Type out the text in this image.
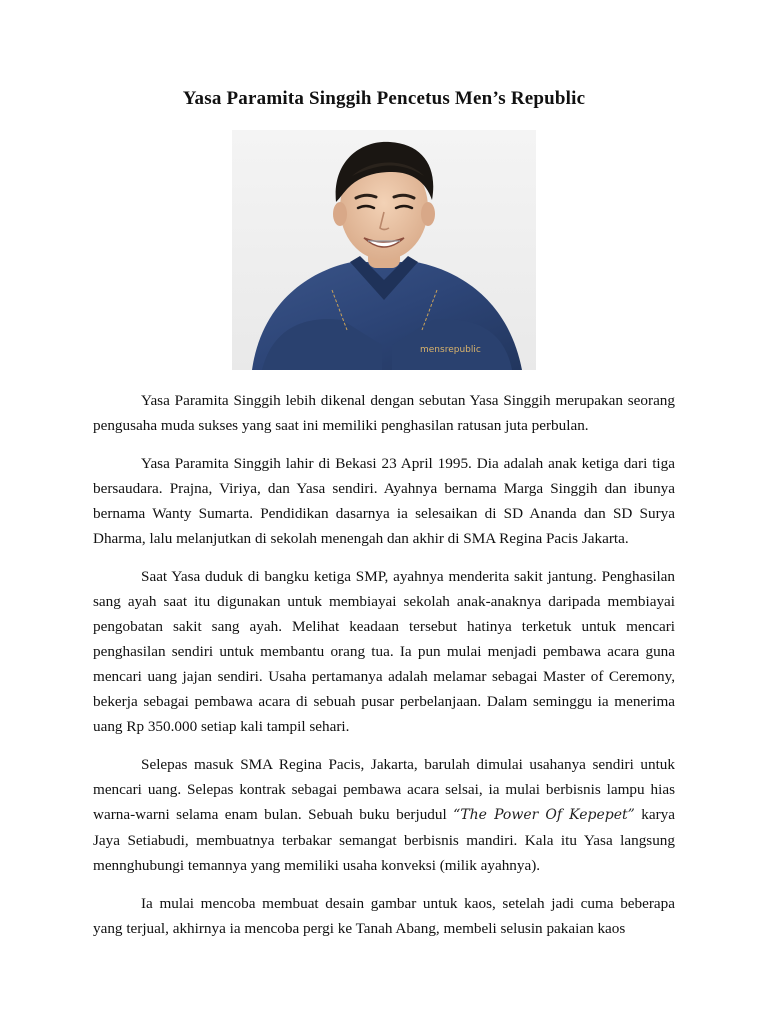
Yasa Paramita Singgih Pencetus Men’s Republic
mensrepublic

Yasa Paramita Singgih lebih dikenal dengan sebutan Yasa Singgih merupakan seorang pengusaha muda sukses yang saat ini memiliki penghasilan ratusan juta perbulan.

Yasa Paramita Singgih lahir di Bekasi 23 April 1995. Dia adalah anak ketiga dari tiga bersaudara. Prajna, Viriya, dan Yasa sendiri. Ayahnya bernama Marga Singgih dan ibunya bernama Wanty Sumarta. Pendidikan dasarnya ia selesaikan di SD Ananda dan SD Surya Dharma, lalu melanjutkan di sekolah menengah dan akhir di SMA Regina Pacis Jakarta.

Saat Yasa duduk di bangku ketiga SMP, ayahnya menderita sakit jantung. Penghasilan sang ayah saat itu digunakan untuk membiayai sekolah anak-anaknya daripada membiayai pengobatan sakit sang ayah. Melihat keadaan tersebut hatinya terketuk untuk mencari penghasilan sendiri untuk membantu orang tua. Ia pun mulai menjadi pembawa acara guna mencari uang jajan sendiri. Usaha pertamanya adalah melamar sebagai Master of Ceremony, bekerja sebagai pembawa acara di sebuah pusar perbelanjaan. Dalam seminggu ia menerima uang Rp 350.000 setiap kali tampil sehari.

Selepas masuk SMA Regina Pacis, Jakarta, barulah dimulai usahanya sendiri untuk mencari uang. Selepas kontrak sebagai pembawa acara selsai, ia mulai berbisnis lampu hias warna-warni selama enam bulan. Sebuah buku berjudul “The Power Of Kepepet” karya Jaya Setiabudi, membuatnya terbakar semangat berbisnis mandiri. Kala itu Yasa langsung mennghubungi temannya yang memiliki usaha konveksi (milik ayahnya).

Ia mulai mencoba membuat desain gambar untuk kaos, setelah jadi cuma beberapa yang terjual, akhirnya ia mencoba pergi ke Tanah Abang, membeli selusin pakaian kaos
